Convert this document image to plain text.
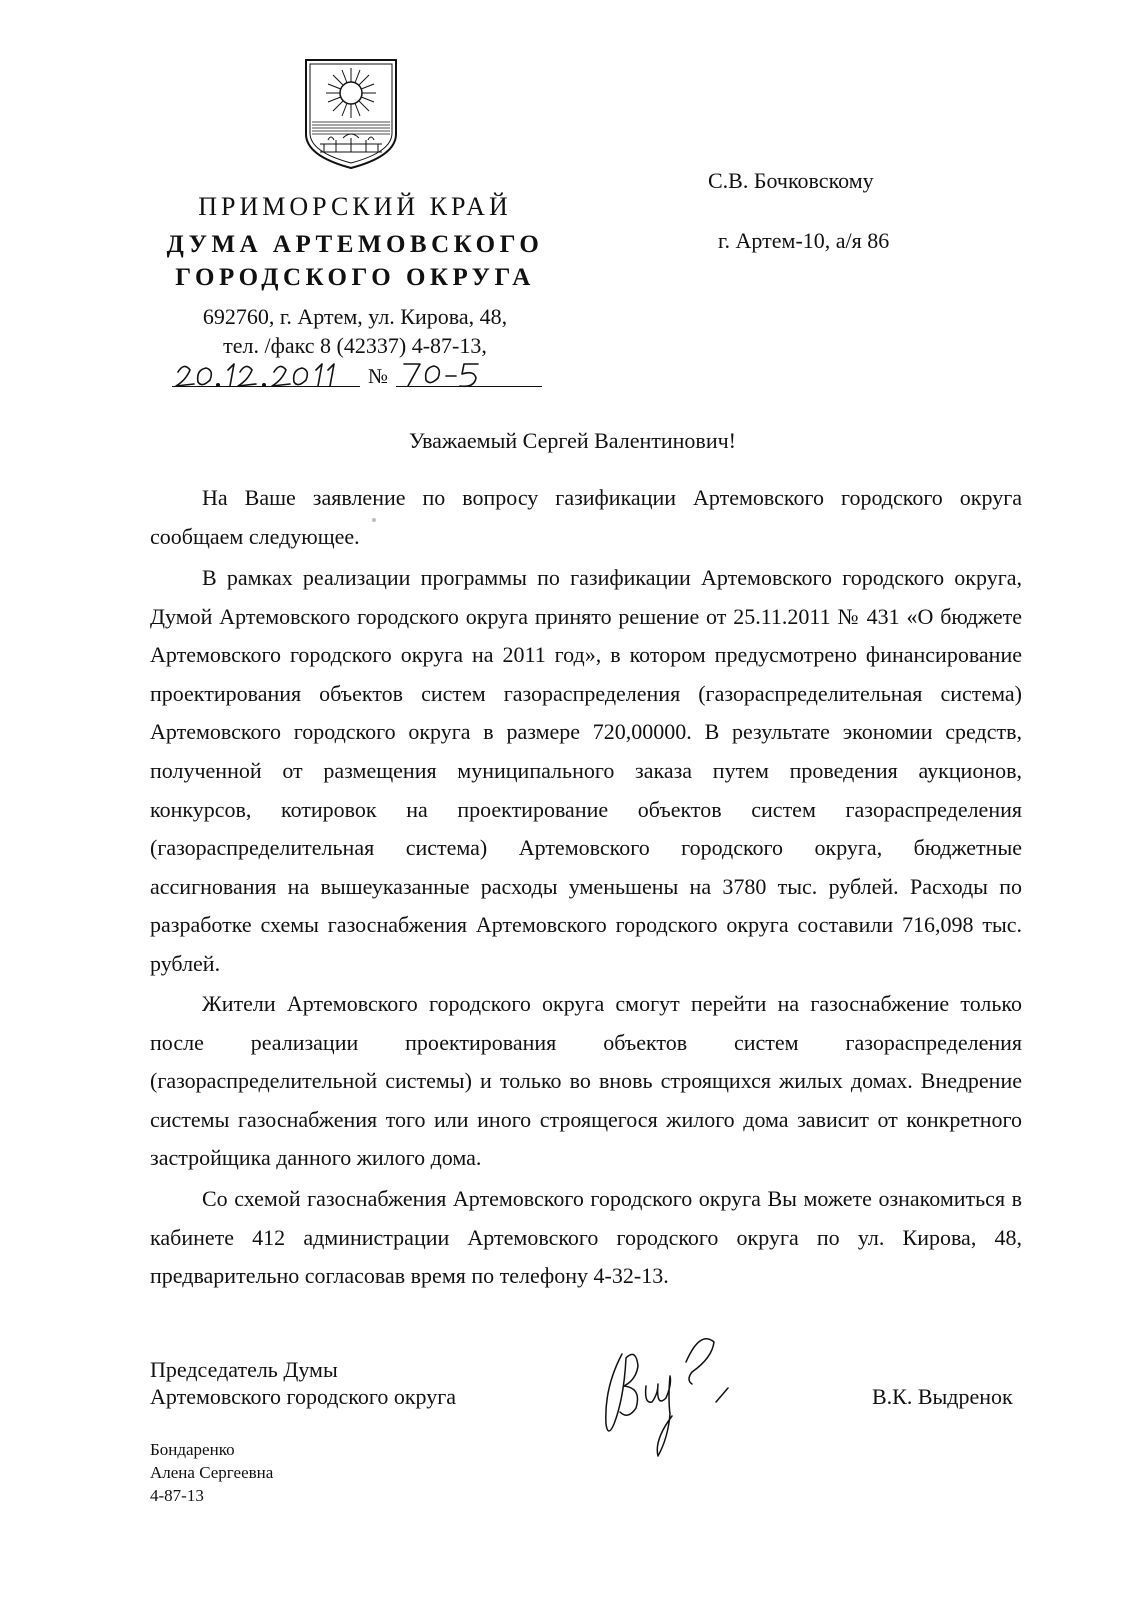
ПРИМОРСКИЙ КРАЙ
ДУМА АРТЕМОВСКОГО
ГОРОДСКОГО ОКРУГА
692760, г. Артем, ул. Кирова, 48,
тел. /факс 8 (42337) 4-87-13,
№
С.В. Бочковскому
г. Артем-10, а/я 86
Уважаемый Сергей Валентинович!

На Ваше заявление по вопросу газификации Артемовского городского округа сообщаем следующее.

В рамках реализации программы по газификации Артемовского городского округа, Думой Артемовского городского округа принято решение от 25.11.2011 № 431 «О бюджете Артемовского городского округа на 2011 год», в котором предусмотрено финансирование проектирования объектов систем газораспределения (газораспределительная система) Артемовского городского округа в размере 720,00000. В результате экономии средств, полученной от размещения муниципального заказа путем проведения аукционов, конкурсов, котировок на проектирование объектов систем газораспределения (газораспределительная система) Артемовского городского округа, бюджетные ассигнования на вышеуказанные расходы уменьшены на 3780 тыс. рублей. Расходы по разработке схемы газоснабжения Артемовского городского округа составили 716,098 тыс. рублей.

Жители Артемовского городского округа смогут перейти на газоснабжение только после реализации проектирования объектов систем газораспределения (газораспределительной системы) и только во вновь строящихся жилых домах. Внедрение системы газоснабжения того или иного строящегося жилого дома зависит от конкретного застройщика данного жилого дома.

Со схемой газоснабжения Артемовского городского округа Вы можете ознакомиться в кабинете 412 администрации Артемовского городского округа по ул. Кирова, 48, предварительно согласовав время по телефону 4-32-13.

Председатель Думы
Артемовского городского округа	В.К. Выдренок
Бондаренко
Алена Сергеевна
4-87-13
